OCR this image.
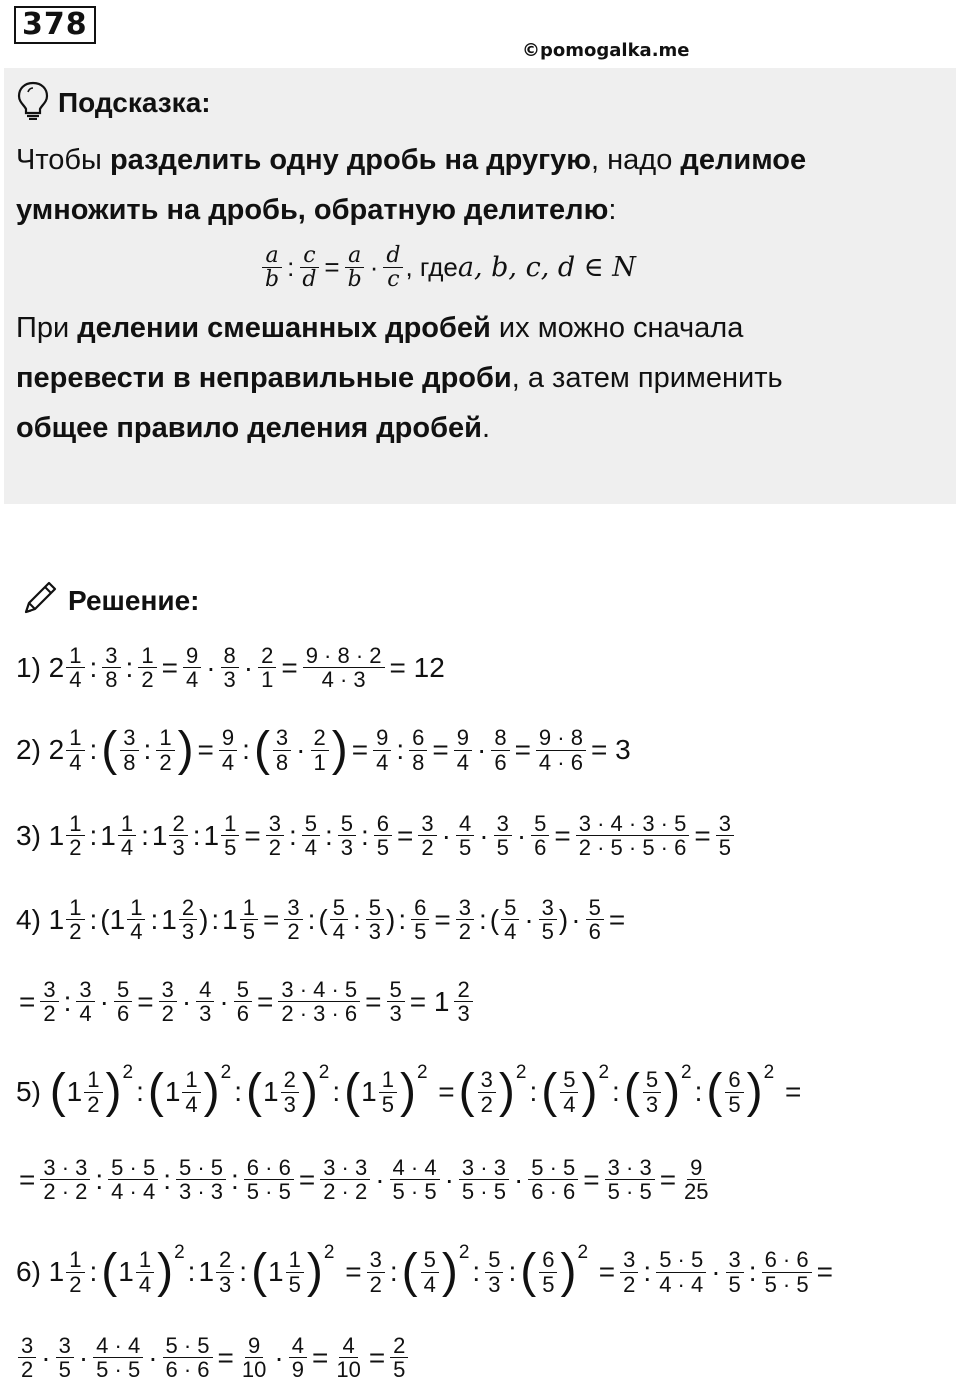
378
©pomogalka.me
Подсказка:
Чтобы разделить одну дробь на другую, надо делимое
умножить на дробь, обратную делителю:
$\frac{a}{b}$ : $\frac{c}{d} = \frac{a}{b} \cdot \frac{d}{c}$ , где a, b, c, d ∈ N
При делении смешанных дробей их можно сначала
перевести в неправильные дроби, а затем применить
общее правило деления дробей.
Решение:
1) $2 \frac{1}{4}$ : $\frac{3}{8}$ : $\frac{1}{2} = \frac{9}{4} \cdot \frac{8}{3} \cdot \frac{2}{1} = \frac{9 \cdot 8 \cdot 2}{4 \cdot 3} = 12$
2) $2 \frac{1}{4}$ : ( $\frac{3}{8}$ : $\frac{1}{2}$ ) = $\frac{9}{4}$ : ( $\frac{3}{8} \cdot \frac{2}{1}$ ) = $\frac{9}{4}$ : $\frac{6}{8} = \frac{9}{4} \cdot \frac{8}{6} = \frac{9 \cdot 8}{4 \cdot 6} = 3$
3) $1 \frac{1}{2}$ : $1 \frac{1}{4}$ : $1 \frac{2}{3}$ : $1 \frac{1}{5} = \frac{3}{2}$ : $\frac{5}{4}$ : $\frac{5}{3}$ : $\frac{6}{5} = \frac{3}{2} \cdot \frac{4}{5} \cdot \frac{3}{5} \cdot \frac{5}{6} = \frac{3 \cdot 4 \cdot 3 \cdot 5}{2 \cdot 5 \cdot 5 \cdot 6} = \frac{3}{5}$
4) $1 \frac{1}{2}$ : ($1 \frac{1}{4}$ : $1 \frac{2}{3}$ ) : $1 \frac{1}{5} = \frac{3}{2}$ : ( $\frac{5}{4}$ : $\frac{5}{3}$ ) : $\frac{6}{5} = \frac{3}{2}$ : ( $\frac{5}{4} \cdot \frac{3}{5}$ ) · $\frac{5}{6}$ =
= $\frac{3}{2}$ : $\frac{3}{4} \cdot \frac{5}{6} = \frac{3}{2} \cdot \frac{4}{3} \cdot \frac{5}{6} = \frac{3 \cdot 4 \cdot 5}{2 \cdot 3 \cdot 6} = \frac{5}{3} = 1 \frac{2}{3}$
5)
( $1 \frac{1}{2}$ ) 2
: ( $1 \frac{1}{4}$ ) 2
: ( $1 \frac{2}{3}$ ) 2
: ( $1 \frac{1}{5}$ ) 2
= ( $\frac{3}{2}$ ) 2
: ( $\frac{5}{4}$ ) 2
: ( $\frac{5}{3}$ ) 2
: ( $\frac{6}{5}$ ) 2
=
= $\frac{3 \cdot 3}{2 \cdot 2}$ : $\frac{5 \cdot 5}{4 \cdot 4}$ : $\frac{5 \cdot 5}{3 \cdot 3}$ : $\frac{6 \cdot 6}{5 \cdot 5} = \frac{3 \cdot 3}{2 \cdot 2} \cdot \frac{4 \cdot 4}{5 \cdot 5} \cdot \frac{3 \cdot 3}{5 \cdot 5} \cdot \frac{5 \cdot 5}{6 \cdot 6} = \frac{3 \cdot 3}{5 \cdot 5} = \frac{9}{25}$
6) $1 \frac{1}{2}$ : ( $1 \frac{1}{4}$ ) 2
: $1 \frac{2}{3}$ : ( $1 \frac{1}{5}$ ) 2
= $\frac{3}{2}$ : ( $\frac{5}{4}$ ) 2
: $\frac{5}{3}$ : ( $\frac{6}{5}$ ) 2
= $\frac{3}{2}$ : $\frac{5 \cdot 5}{4 \cdot 4} \cdot \frac{3}{5}$ : $\frac{6 \cdot 6}{5 \cdot 5}$ =
$\frac{3}{2} \cdot \frac{3}{5} \cdot \frac{4 \cdot 4}{5 \cdot 5} \cdot \frac{5 \cdot 5}{6 \cdot 6} = \frac{9}{10} \cdot \frac{4}{9} = \frac{4}{10} = \frac{2}{5}$
